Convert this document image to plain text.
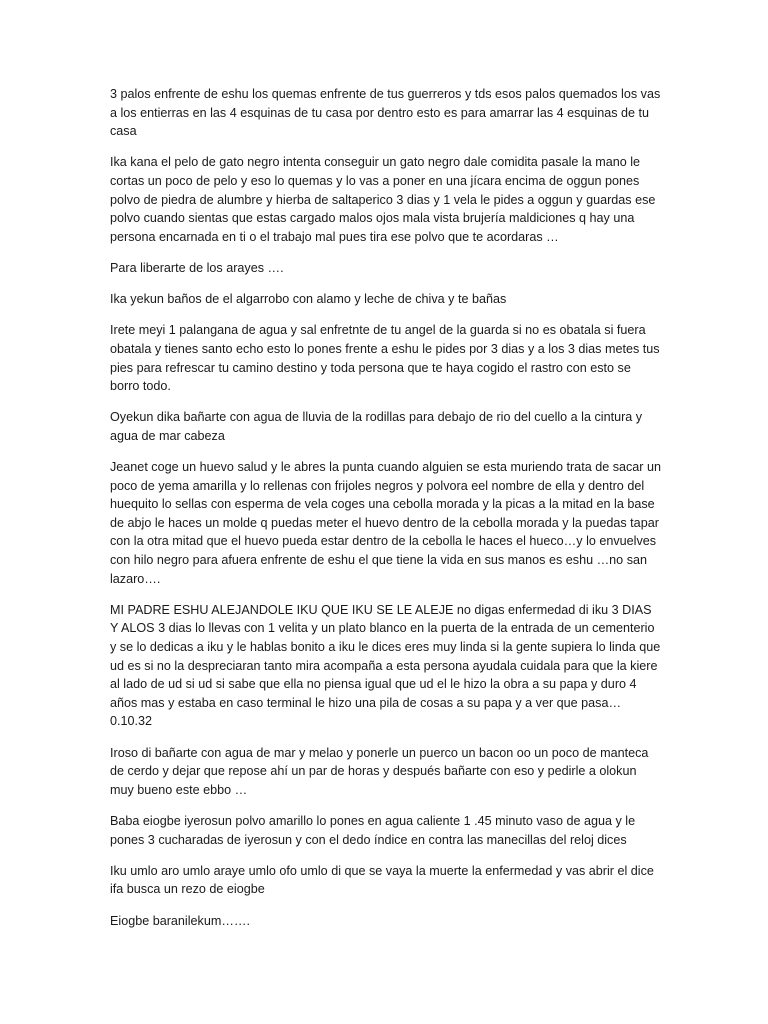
3 palos enfrente de eshu los quemas enfrente de tus guerreros y tds esos palos quemados los vas a los entierras en las 4 esquinas de tu casa por dentro esto es para amarrar las 4 esquinas de tu casa

Ika kana el pelo de gato negro intenta conseguir un gato negro dale comidita pasale la mano le cortas un poco de pelo y eso lo quemas y lo vas a poner en una jícara encima de oggun pones polvo de piedra de alumbre y hierba de saltaperico 3 dias y 1 vela le pides a oggun y guardas ese polvo cuando sientas que estas cargado malos ojos mala vista brujería maldiciones q hay una persona encarnada en ti o el trabajo mal pues tira ese polvo que te acordaras …

Para liberarte de los arayes ….

Ika yekun baños de el algarrobo con alamo y leche de chiva y te bañas

Irete meyi 1 palangana de agua y sal enfretnte de tu angel de la guarda si no es obatala si fuera obatala y tienes santo echo esto lo pones frente a eshu le pides por 3 dias y a los 3 dias metes tus pies para refrescar tu camino destino y toda persona que te haya cogido el rastro con esto se borro todo.

Oyekun dika bañarte con agua de lluvia de la rodillas para debajo de rio del cuello a la cintura y agua de mar cabeza

Jeanet coge un huevo salud y le abres la punta cuando alguien se esta muriendo trata de sacar un poco de yema amarilla y lo rellenas con frijoles negros y polvora eel nombre de ella y dentro del huequito lo sellas con esperma de vela coges una cebolla morada y la picas a la mitad en la base de abjo le haces un molde q puedas meter el huevo dentro de la cebolla morada y la puedas tapar con la otra mitad que el huevo pueda estar dentro de la cebolla le haces el hueco…y lo envuelves con hilo negro para afuera enfrente de eshu el que tiene la vida en sus manos es eshu …no san lazaro….

MI PADRE ESHU ALEJANDOLE IKU QUE IKU SE LE ALEJE no digas enfermedad di iku 3 DIAS Y ALOS 3 dias lo llevas con 1 velita y un plato blanco en la puerta de la entrada de un cementerio y se lo dedicas a iku y le hablas bonito a iku le dices eres muy linda si la gente supiera lo linda que ud es si no la despreciaran tanto mira acompaña a esta persona ayudala cuidala para que la kiere al lado de ud si ud si sabe que ella no piensa igual que ud el le hizo la obra a su papa y duro 4 años mas y estaba en caso terminal le hizo una pila de cosas a su papa y a ver que pasa…0.10.32

Iroso di bañarte con agua de mar y melao y ponerle un puerco un bacon oo un poco de manteca de cerdo y dejar que repose ahí un par de horas y después bañarte con eso y pedirle a olokun muy bueno este ebbo …

Baba eiogbe iyerosun polvo amarillo lo pones en agua caliente 1 .45 minuto vaso de agua y le pones 3 cucharadas de iyerosun y con el dedo índice en contra las manecillas del reloj dices

Iku umlo aro umlo araye umlo ofo umlo di que se vaya la muerte la enfermedad y vas abrir el dice ifa busca un rezo de eiogbe

Eiogbe baranilekum…….
